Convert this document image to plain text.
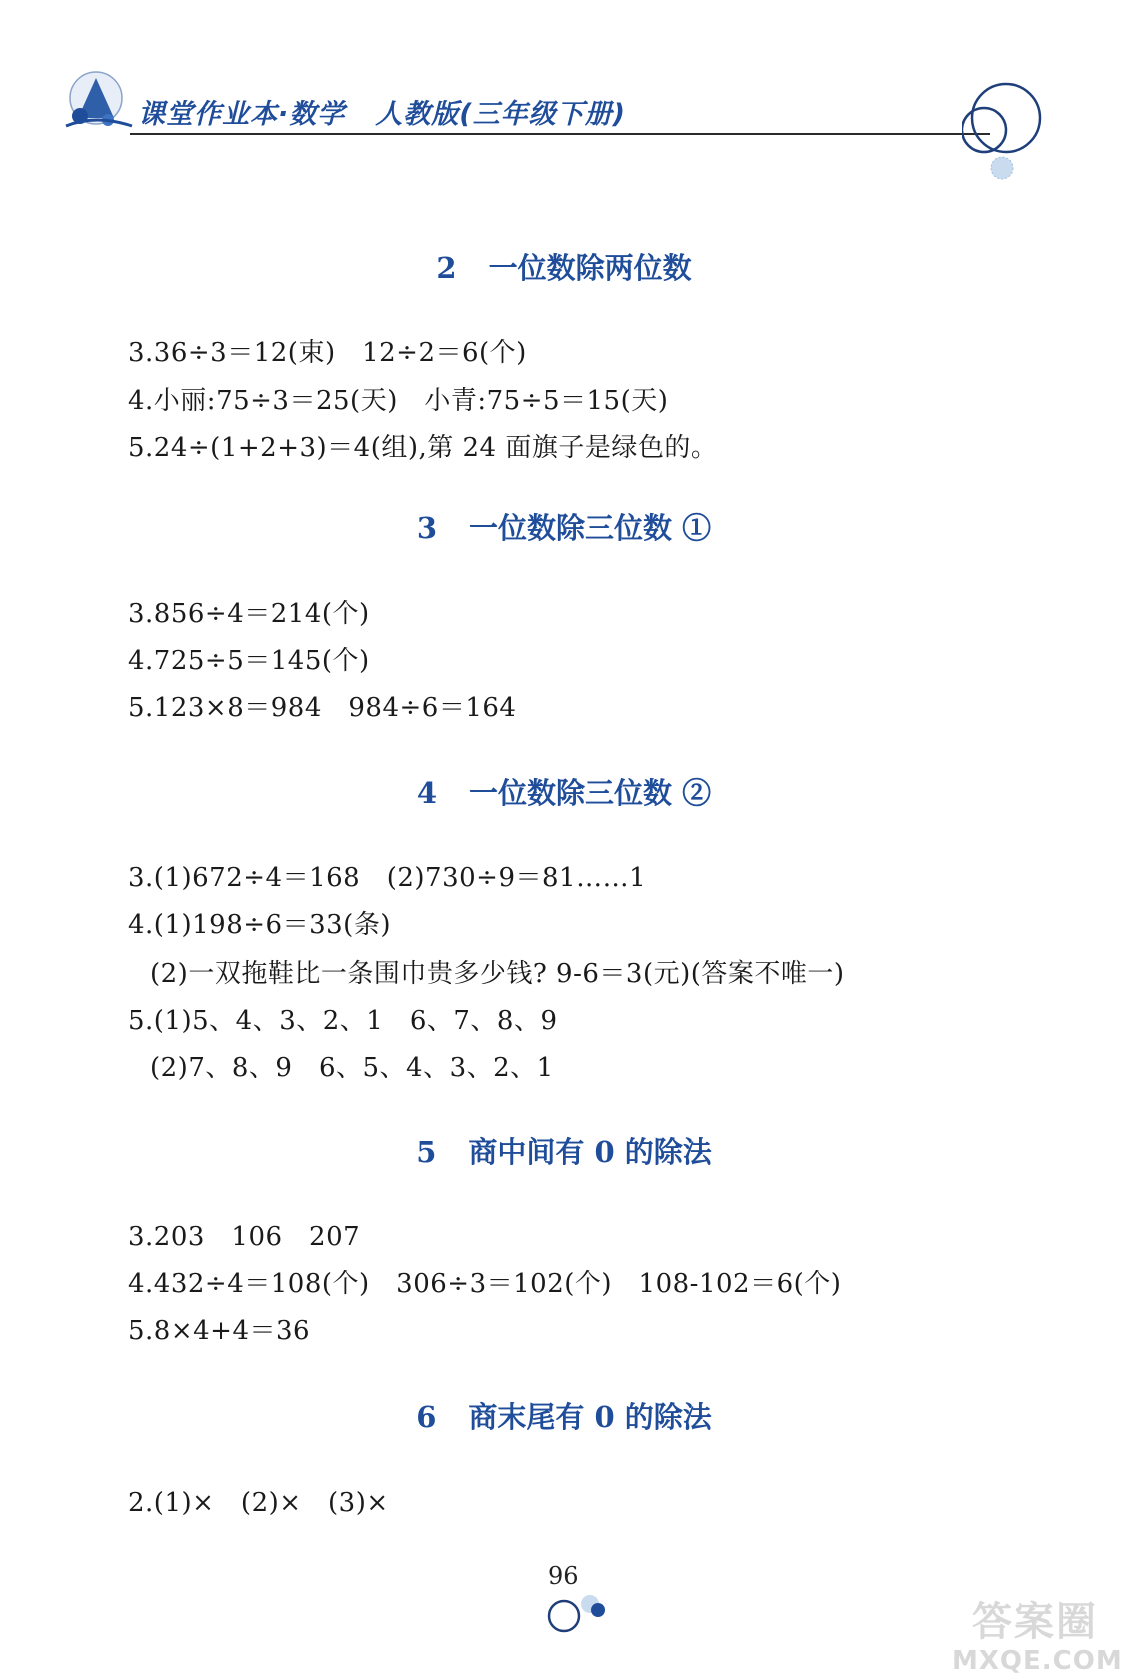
课堂作业本·数学 人教版(三年级下册)
2 一位数除两位数
3.36÷3＝12(束)　12÷2＝6(个)
4.小丽:75÷3＝25(天)　小青:75÷5＝15(天)
5.24÷(1+2+3)＝4(组),第 24 面旗子是绿色的。
3 一位数除三位数 ①
3.856÷4＝214(个)
4.725÷5＝145(个)
5.123×8＝984　984÷6＝164
4 一位数除三位数 ②
3.(1)672÷4＝168　(2)730÷9＝81……1
4.(1)198÷6＝33(条)
(2)一双拖鞋比一条围巾贵多少钱? 9-6＝3(元)(答案不唯一)
5.(1)5、4、3、2、1　6、7、8、9
(2)7、8、9　6、5、4、3、2、1
5 商中间有 0 的除法
3.203　106　207
4.432÷4＝108(个)　306÷3＝102(个)　108-102＝6(个)
5.8×4+4＝36
6 商末尾有 0 的除法
2.(1)×　(2)×　(3)×
96
答案圈
MXQE.COM
